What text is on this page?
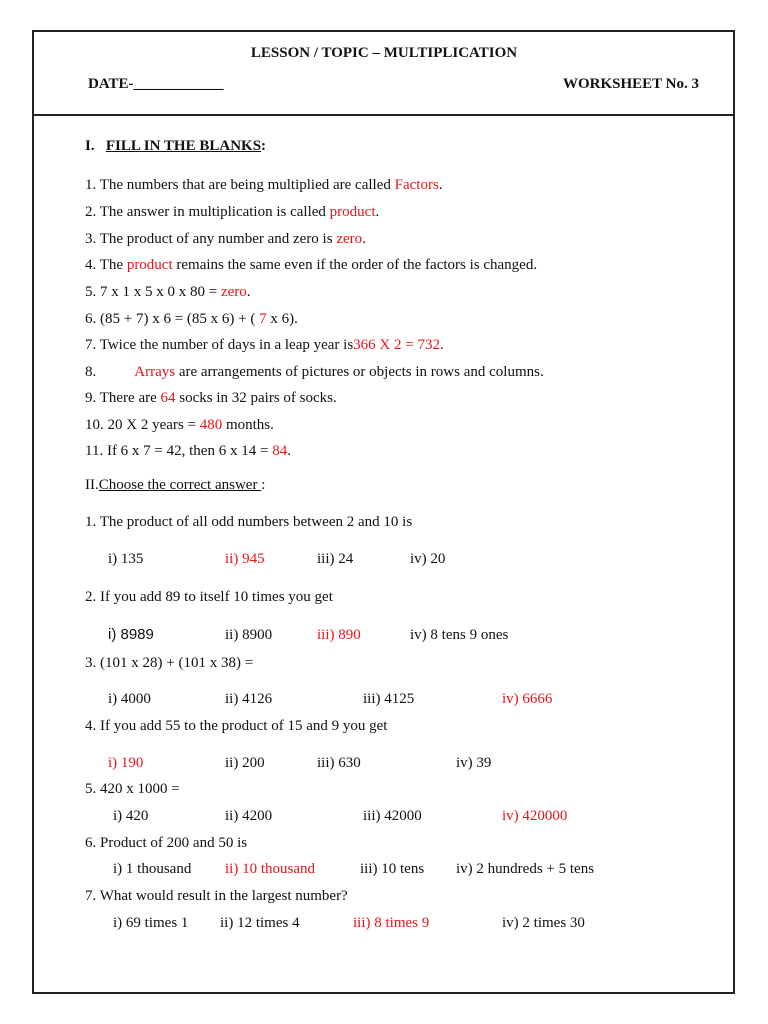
LESSON / TOPIC – MULTIPLICATION
DATE-____________	WORKSHEET No. 3
I. FILL IN THE BLANKS:
1. The numbers that are being multiplied are called Factors.
2. The answer in multiplication is called product.
3. The product of any number and zero is zero.
4. The product remains the same even if the order of the factors is changed.
5. 7 x 1 x 5 x 0 x 80 = zero.
6. (85 + 7) x 6 = (85 x 6) + ( 7 x 6).
7. Twice the number of days in a leap year is366 X 2 = 732.
8.	Arrays are arrangements of pictures or objects in rows and columns.
9. There are 64 socks in 32 pairs of socks.
10. 20 X 2 years = 480 months.
11. If 6 x 7 = 42, then 6 x 14 = 84.
II.Choose the correct answer :
1. The product of all odd numbers between 2 and 10 is
i) 135	ii) 945	iii) 24	iv) 20
2. If you add 89 to itself 10 times you get
i) 8989	ii) 8900	iii) 890	iv) 8 tens 9 ones
3. (101 x 28) + (101 x 38) =
i) 4000	ii) 4126	iii) 4125	iv) 6666
4. If you add 55 to the product of 15 and 9 you get
i) 190	ii) 200	iii) 630	iv) 39
5. 420 x 1000 =
i) 420	ii) 4200	iii) 42000	iv) 420000
6. Product of 200 and 50 is
i) 1 thousand ii) 10 thousand	iii) 10 tens iv) 2 hundreds + 5 tens
7. What would result in the largest number?
i) 69 times 1 ii) 12 times 4	iii) 8 times 9	iv) 2 times 30
